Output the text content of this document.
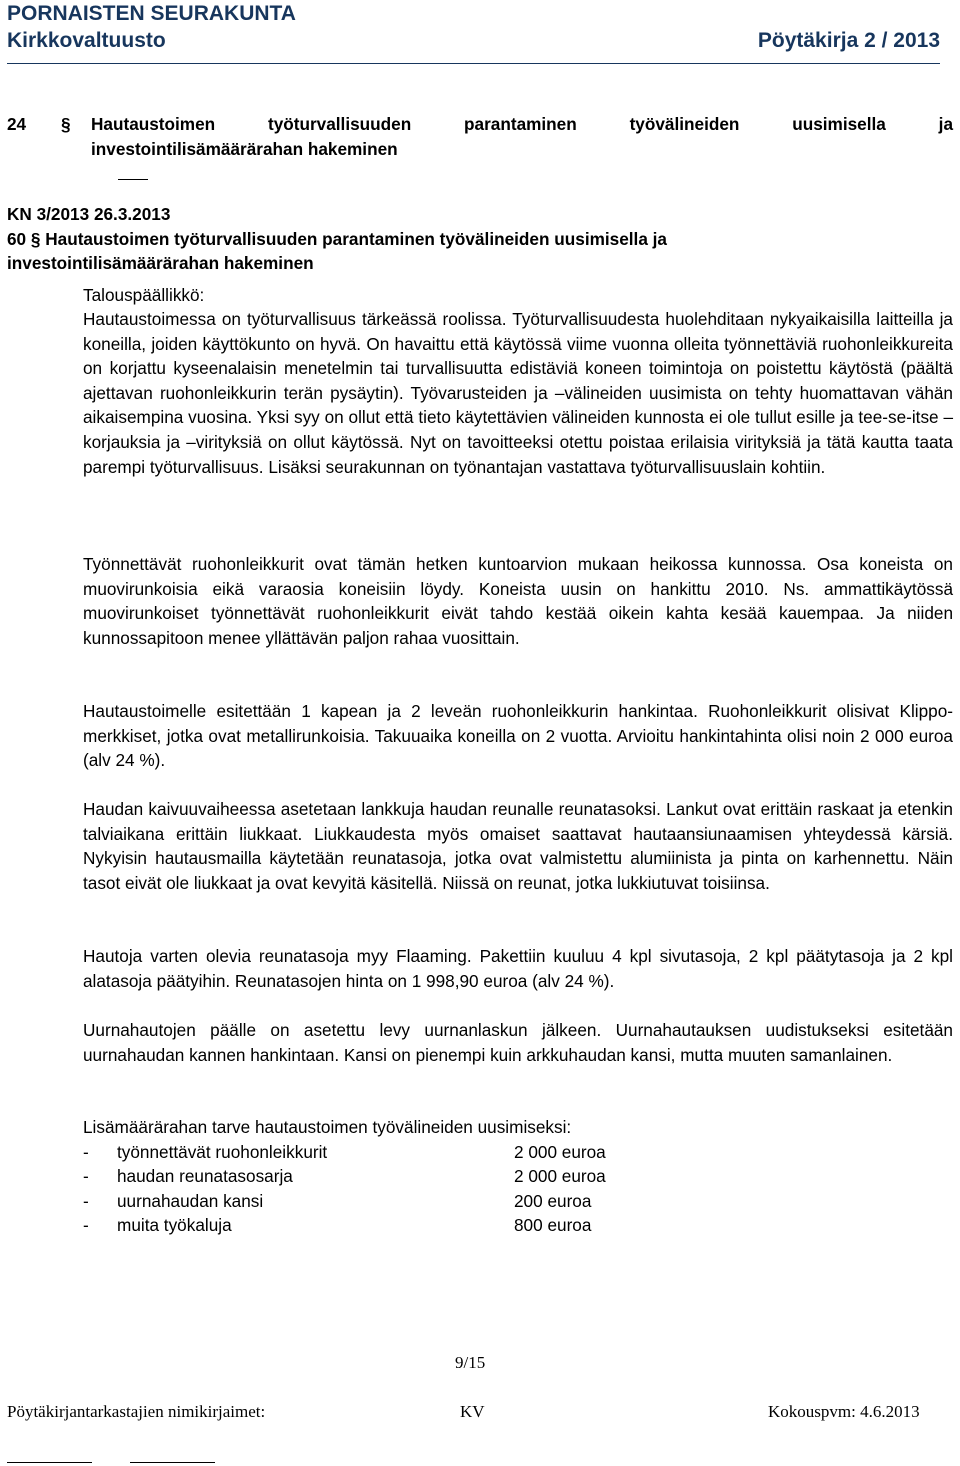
PORNAISTEN SEURAKUNTA
Kirkkovaltuusto	Pöytäkirja 2 / 2013
24	§	Hautaustoimen työturvallisuuden parantaminen työvälineiden uusimisella ja
investointilisämäärärahan hakeminen
KN 3/2013 26.3.2013
60 § Hautaustoimen työturvallisuuden parantaminen työvälineiden uusimisella ja
investointilisämäärärahan hakeminen
Talouspäällikkö:
Hautaustoimessa on työturvallisuus tärkeässä roolissa. Työturvallisuudesta huolehditaan nykyaikaisilla laitteilla ja koneilla, joiden käyttökunto on hyvä. On havaittu että käytössä viime vuonna olleita työnnettäviä ruohonleikkureita on korjattu kyseenalaisin menetelmin tai turvallisuutta edistäviä koneen toimintoja on poistettu käytöstä (päältä ajettavan ruohonleikkurin terän pysäytin). Työvarusteiden ja –välineiden uusimista on tehty huomattavan vähän aikaisempina vuosina. Yksi syy on ollut että tieto käytettävien välineiden kunnosta ei ole tullut esille ja tee-se-itse –korjauksia ja –virityksiä on ollut käytössä. Nyt on tavoitteeksi otettu poistaa erilaisia virityksiä ja tätä kautta taata parempi työturvallisuus. Lisäksi seurakunnan on työnantajan vastattava työturvallisuuslain kohtiin.
Työnnettävät ruohonleikkurit ovat tämän hetken kuntoarvion mukaan heikossa kunnossa. Osa koneista on muovirunkoisia eikä varaosia koneisiin löydy. Koneista uusin on hankittu 2010. Ns. ammattikäytössä muovirunkoiset työnnettävät ruohonleikkurit eivät tahdo kestää oikein kahta kesää kauempaa. Ja niiden kunnossapitoon menee yllättävän paljon rahaa vuosittain.
Hautaustoimelle esitettään 1 kapean ja 2 leveän ruohonleikkurin hankintaa. Ruohonleikkurit olisivat Klippo-merkkiset, jotka ovat metallirunkoisia. Takuuaika koneilla on 2 vuotta. Arvioitu hankintahinta olisi noin 2 000 euroa (alv 24 %).
Haudan kaivuuvaiheessa asetetaan lankkuja haudan reunalle reunatasoksi. Lankut ovat erittäin raskaat ja etenkin talviaikana erittäin liukkaat. Liukkaudesta myös omaiset saattavat hautaansiunaamisen yhteydessä kärsiä. Nykyisin hautausmailla käytetään reunatasoja, jotka ovat valmistettu alumiinista ja pinta on karhennettu. Näin tasot eivät ole liukkaat ja ovat kevyitä käsitellä. Niissä on reunat, jotka lukkiutuvat toisiinsa.
Hautoja varten olevia reunatasoja myy Flaaming. Pakettiin kuuluu 4 kpl sivutasoja, 2 kpl päätytasoja ja 2 kpl alatasoja päätyihin. Reunatasojen hinta on 1 998,90 euroa (alv 24 %).
Uurnahautojen päälle on asetettu levy uurnanlaskun jälkeen. Uurnahautauksen uudistukseksi esitetään uurnahaudan kannen hankintaan. Kansi on pienempi kuin arkkuhaudan kansi, mutta muuten samanlainen.
Lisämäärärahan tarve hautaustoimen työvälineiden uusimiseksi:
-	työnnettävät ruohonleikkurit	2 000 euroa
-	haudan reunatasosarja	2 000 euroa
-	uurnahaudan kansi	200 euroa
-	muita työkaluja	800 euroa
9/15
Pöytäkirjantarkastajien nimikirjaimet:	KV	Kokouspvm: 4.6.2013
